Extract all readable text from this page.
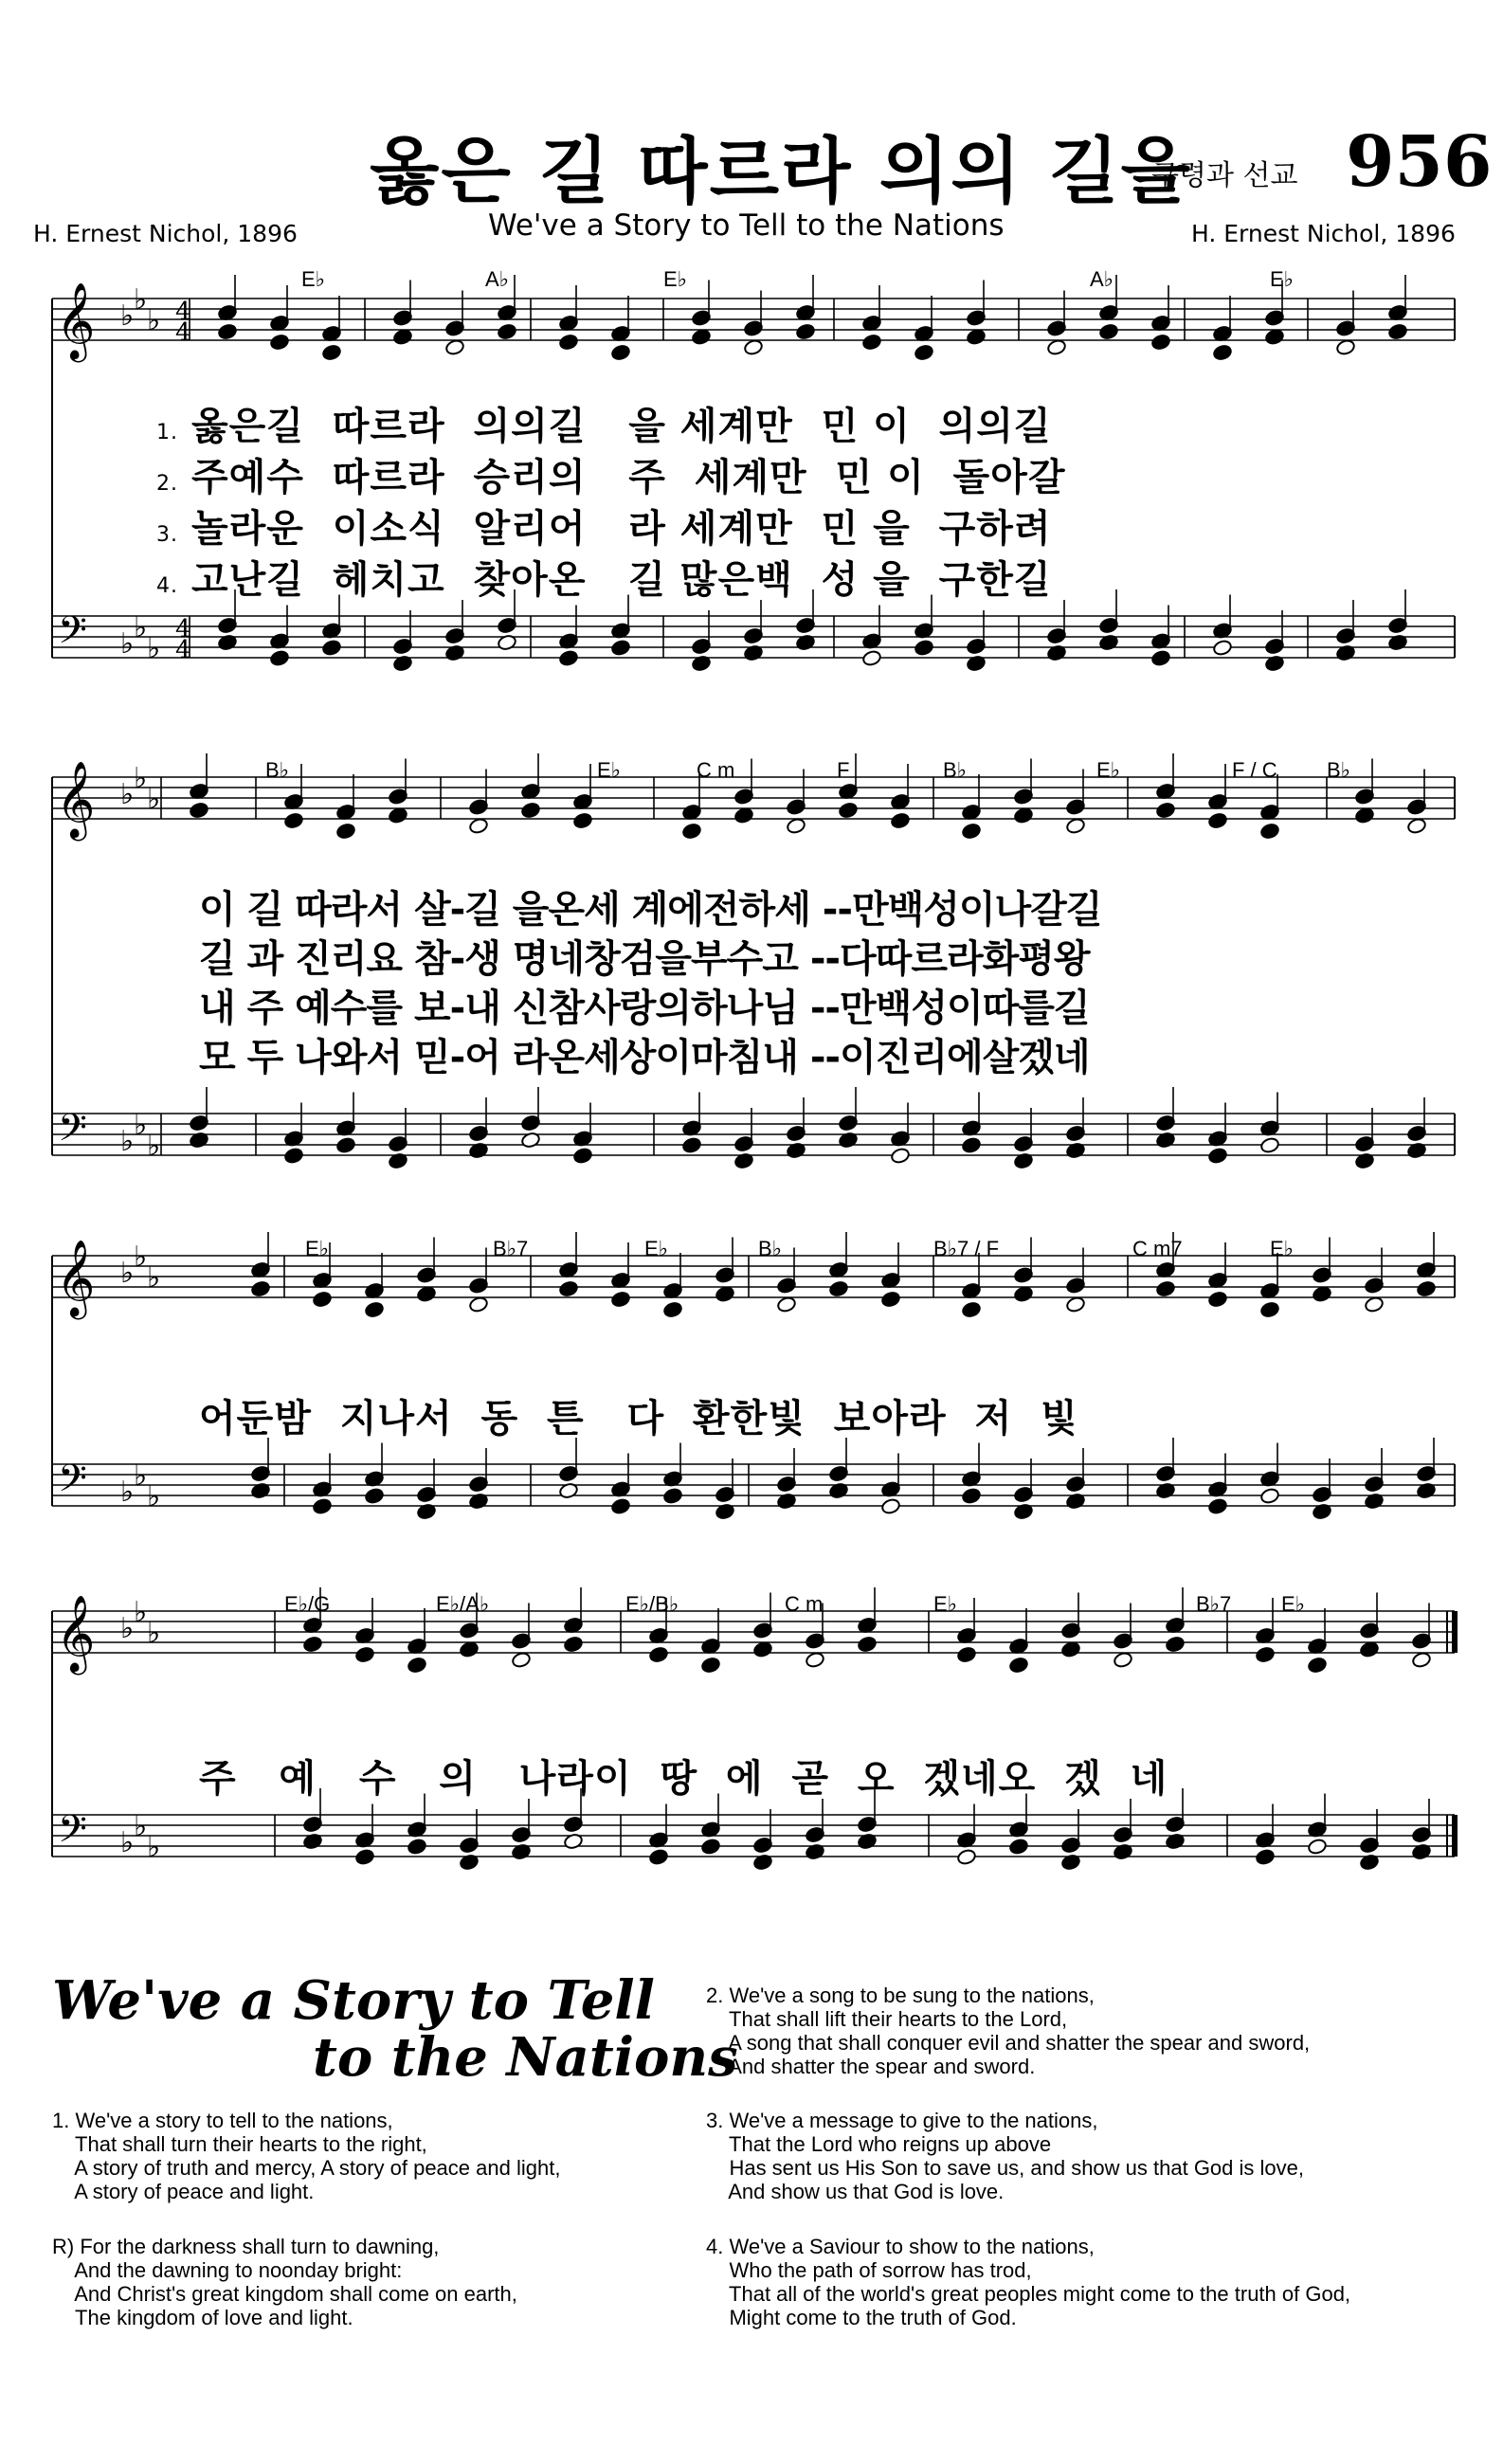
옳은 길 따르라 의의 길을
구령과 선교 956
We've a Story to Tell to the Nations
H. Ernest Nichol, 1896	H. Ernest Nichol, 1896
𝄞 ♭ ♭
♭ 4
4
𝄢 ♭ ♭
♭
4
4
𝄞 ♭ ♭
♭
𝄢 ♭ ♭
♭
𝄞 ♭ ♭
♭
𝄢 ♭ ♭
♭
𝄞 ♭ ♭
♭
𝄢 ♭ ♭
♭
E♭	A♭	E♭	A♭	E♭
B♭	E♭	C m	F	B♭	E♭	F / C B♭
E♭	B♭7	E♭	B♭	B♭7 / F	C m7	E♭
E♭/G	E♭/A♭	E♭/B♭	C m	E♭	B♭7 E♭
1. 옳은길  따르라  의의길   을 세계만  민 이  의의길
2. 주예수  따르라  승리의   주  세계만  민 이  돌아갈
3. 놀라운  이소식  알리어   라 세계만  민 을  구하려
4. 고난길  헤치고  찾아온   길 많은백  성 을  구한길
이 길 따라서 살-길 을온세 계에전하세 --만백성이나갈길
길 과 진리요 참-생 명네창검을부수고 --다따르라화평왕
내 주 예수를 보-내 신참사랑의하나님 --만백성이따를길
모 두 나와서 믿-어 라온세상이마침내 --이진리에살겠네
어둔밤  지나서  동  튼   다  환한빛  보아라  저  빛
주   예   수   의   나라이  땅  에  곧  오  겠네오  겠  네
We've a Story to Tell
to the Nations
1. We've a story to tell to the nations,
That shall turn their hearts to the right,
A story of truth and mercy, A story of peace and light,
A story of peace and light.
R) For the darkness shall turn to dawning,
And the dawning to noonday bright:
And Christ's great kingdom shall come on earth,
The kingdom of love and light.
2. We've a song to be sung to the nations,
That shall lift their hearts to the Lord,
A song that shall conquer evil and shatter the spear and sword,
And shatter the spear and sword.
3. We've a message to give to the nations,
That the Lord who reigns up above
Has sent us His Son to save us, and show us that God is love,
And show us that God is love.
4. We've a Saviour to show to the nations,
Who the path of sorrow has trod,
That all of the world's great peoples might come to the truth of God,
Might come to the truth of God.
